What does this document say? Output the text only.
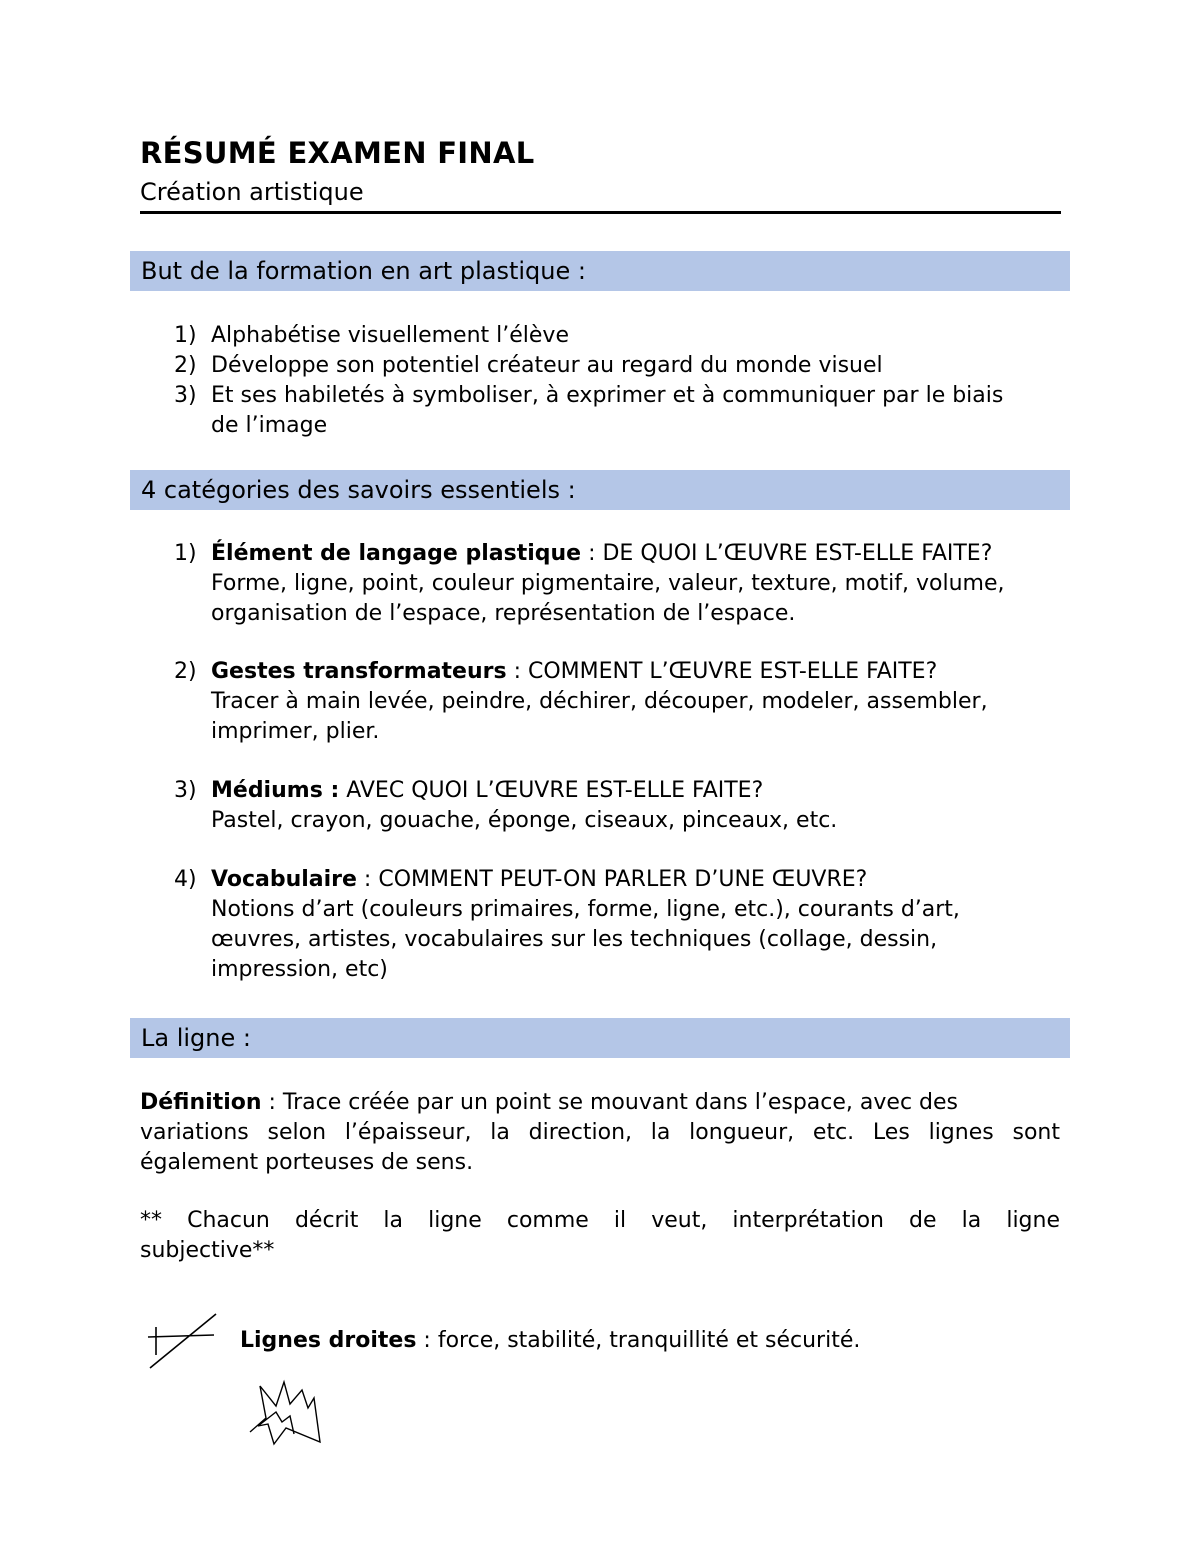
RÉSUMÉ EXAMEN FINAL
Création artistique
But de la formation en art plastique :
1) Alphabétise visuellement l’élève
2) Développe son potentiel créateur au regard du monde visuel
3) Et ses habiletés à symboliser, à exprimer et à communiquer par le biais
de l’image
4 catégories des savoirs essentiels :
1) Élément de langage plastique : DE QUOI L’ŒUVRE EST-ELLE FAITE?
Forme, ligne, point, couleur pigmentaire, valeur, texture, motif, volume,
organisation de l’espace, représentation de l’espace.
2) Gestes transformateurs : COMMENT L’ŒUVRE EST-ELLE FAITE?
Tracer à main levée, peindre, déchirer, découper, modeler, assembler,
imprimer, plier.
3) Médiums : AVEC QUOI L’ŒUVRE EST-ELLE FAITE?
Pastel, crayon, gouache, éponge, ciseaux, pinceaux, etc.
4) Vocabulaire : COMMENT PEUT-ON PARLER D’UNE ŒUVRE?
Notions d’art (couleurs primaires, forme, ligne, etc.), courants d’art,
œuvres, artistes, vocabulaires sur les techniques (collage, dessin,
impression, etc)
La ligne :
Définition : Trace créée par un point se mouvant dans l’espace, avec des
variations selon l’épaisseur, la direction, la longueur, etc. Les lignes sont
également porteuses de sens.
** Chacun décrit la ligne comme il veut, interprétation de la ligne
subjective**
Lignes droites : force, stabilité, tranquillité et sécurité.
